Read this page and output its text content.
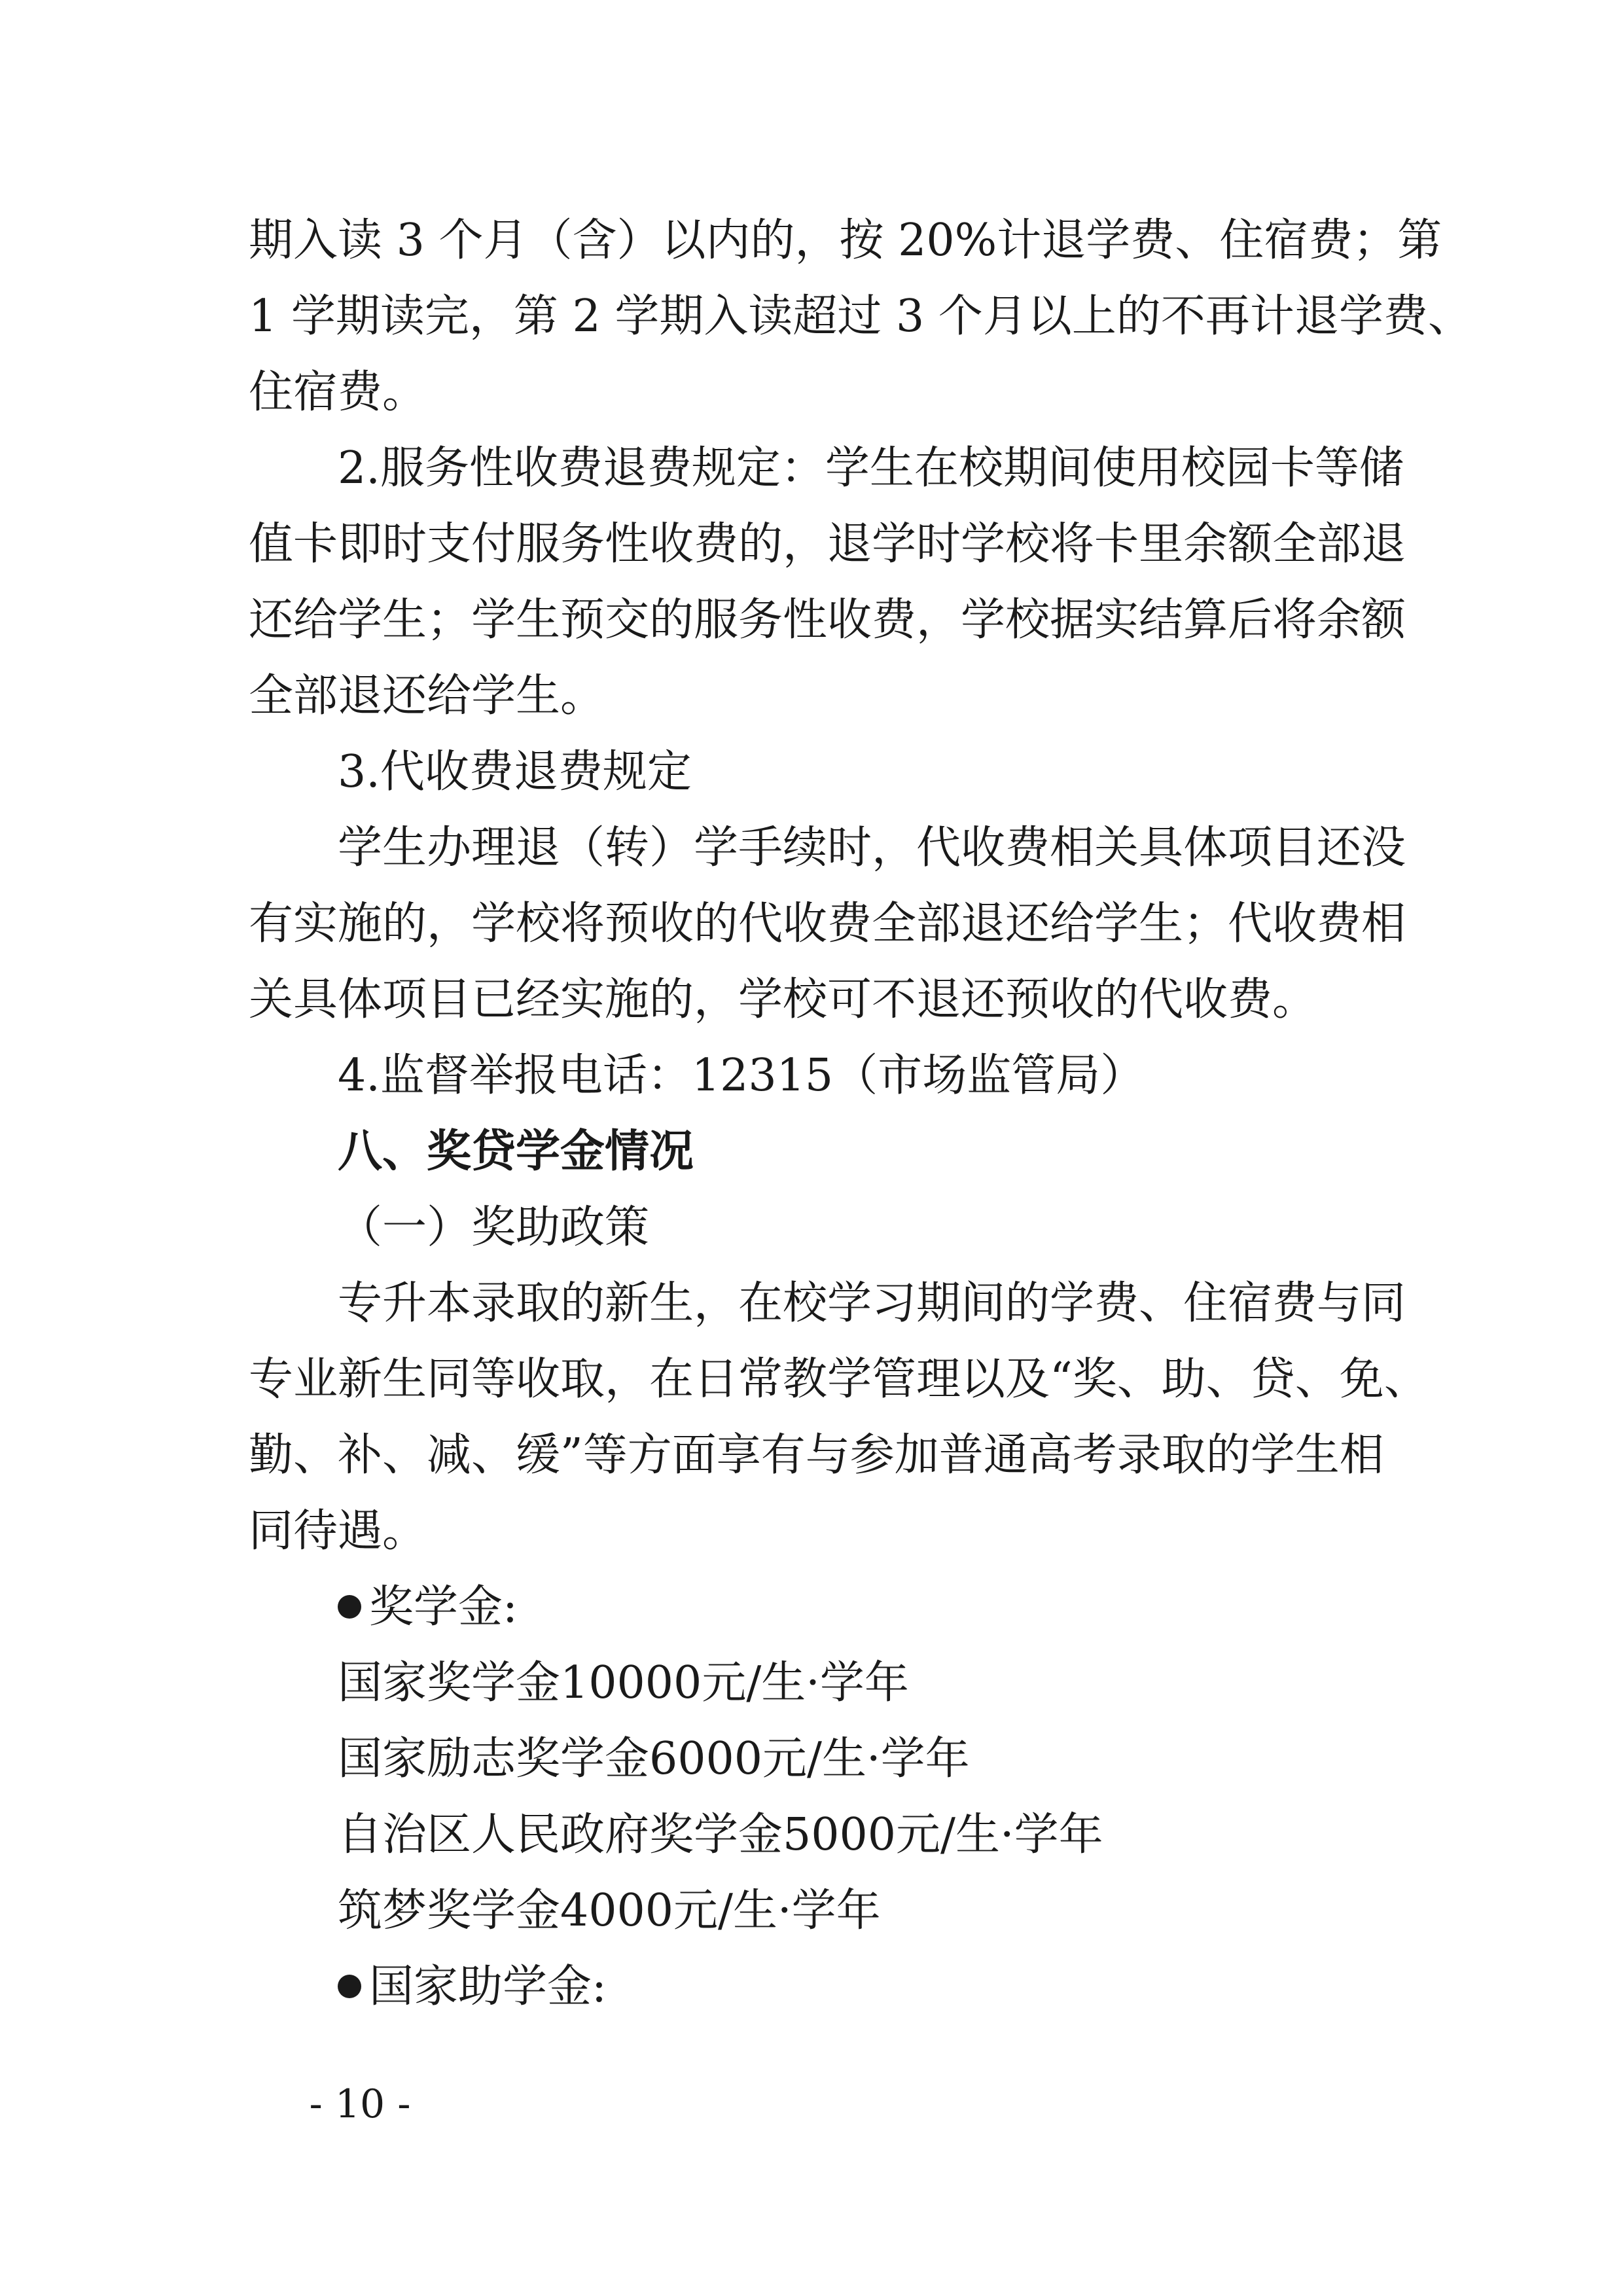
期入读 3 个月（含）以内的，按 20%计退学费、住宿费；第
1 学期读完，第 2 学期入读超过 3 个月以上的不再计退学费、
住宿费。
2.服务性收费退费规定：学生在校期间使用校园卡等储
值卡即时支付服务性收费的，退学时学校将卡里余额全部退
还给学生；学生预交的服务性收费，学校据实结算后将余额
全部退还给学生。
3.代收费退费规定
学生办理退（转）学手续时，代收费相关具体项目还没
有实施的，学校将预收的代收费全部退还给学生；代收费相
关具体项目已经实施的，学校可不退还预收的代收费。
4.监督举报电话：12315（市场监管局）
八、奖贷学金情况
（一）奖助政策
专升本录取的新生，在校学习期间的学费、住宿费与同
专业新生同等收取，在日常教学管理以及“奖、助、贷、免、
勤、补、减、缓”等方面享有与参加普通高考录取的学生相
同待遇。
奖学金:
国家奖学金10000元/生·学年
国家励志奖学金6000元/生·学年
自治区人民政府奖学金5000元/生·学年
筑梦奖学金4000元/生·学年
国家助学金:
- 10 -
